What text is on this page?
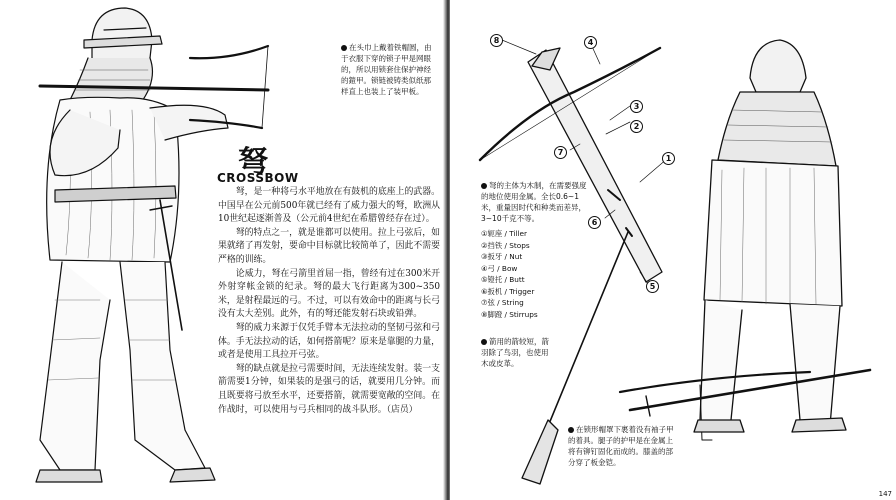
在头巾上戴着铁帽圆，由于衣服下穿的锁子甲是网眼的，所以用锁套住保护神经的鎧甲。锁链被铸类似纸那样直上也装上了装甲板。
弩
CROSSBOW

弩，是一种将弓水平地放在有鼓机的底座上的武器。中国早在公元前500年就已经有了威力强大的弩，欧洲从10世纪起逐渐普及（公元前4世纪在希腊曾经存在过）。

弩的特点之一，就是谁都可以使用。拉上弓弦后，如果就绪了再发射，要命中目标就比较简单了，因此不需要严格的训练。

论威力，弩在弓箭里首屈一指，曾经有过在300米开外射穿帐金锁的纪录。弩的最大飞行距离为300~350米，是射程最远的弓。不过，可以有效命中的距离与长弓没有太大差别。此外，有的弩还能发射石块或铅弹。

弩的威力来源于仅凭手臂本无法拉动的坚韧弓弦和弓体。手无法拉动的话，如何搭箭呢？原来是靠腿的力量，或者是使用工具拉开弓弦。

弩的缺点就是拉弓需要时间，无法连续发射。装一支箭需要1分钟，如果装的是强弓的话，就要用几分钟。而且既要将弓放至水平，还要搭箭，就需要宽敞的空间。在作战时，可以使用与弓兵相同的战斗队形。（店员）

8	4
3
2
7
1
6
5
弩的主体为木制，在需要强度的地位使用金属。全长0.6~1米，重量因时代和种类而差异，3~10千克不等。
①轭座 / Tiller
②挡铁 / Stops
③扳牙 / Nut
④弓 / Bow
⑤镫托 / Butt
⑥扳机 / Trigger
⑦弦 / String
⑧脚蹬 / Stirrups
箭用的箭较短，箭羽除了鸟羽，也使用木或皮革。
在锁形帽罩下裹着没有袖子甲的着具。腿子的护甲是在金属上将有铆钉固化而成的。膝盖的部分穿了板金铠。
147
